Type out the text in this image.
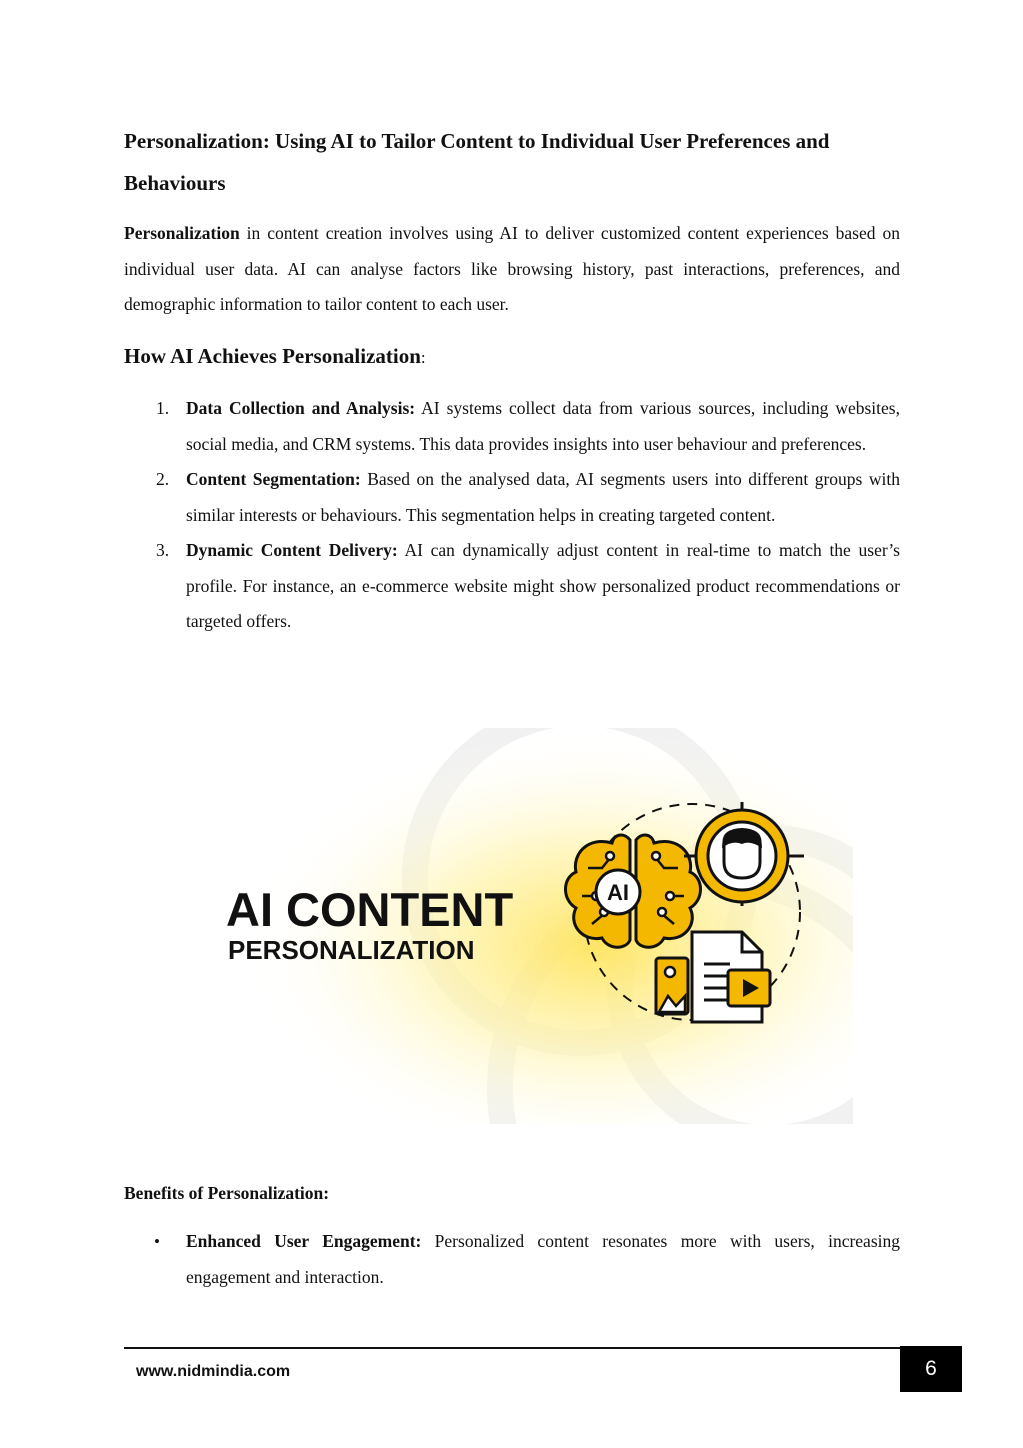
Personalization: Using AI to Tailor Content to Individual User Preferences and Behaviours

Personalization in content creation involves using AI to deliver customized content experiences based on individual user data. AI can analyse factors like browsing history, past interactions, preferences, and demographic information to tailor content to each user.

How AI Achieves Personalization:
1. Data Collection and Analysis: AI systems collect data from various sources, including websites, social media, and CRM systems. This data provides insights into user behaviour and preferences.
2. Content Segmentation: Based on the analysed data, AI segments users into different groups with similar interests or behaviours. This segmentation helps in creating targeted content.
3. Dynamic Content Delivery: AI can dynamically adjust content in real-time to match the user’s profile. For instance, an e-commerce website might show personalized product recommendations or targeted offers.
AI CONTENT
PERSONALIZATION
AI
Benefits of Personalization:
• Enhanced User Engagement: Personalized content resonates more with users, increasing engagement and interaction.
www.nidmindia.com	6
